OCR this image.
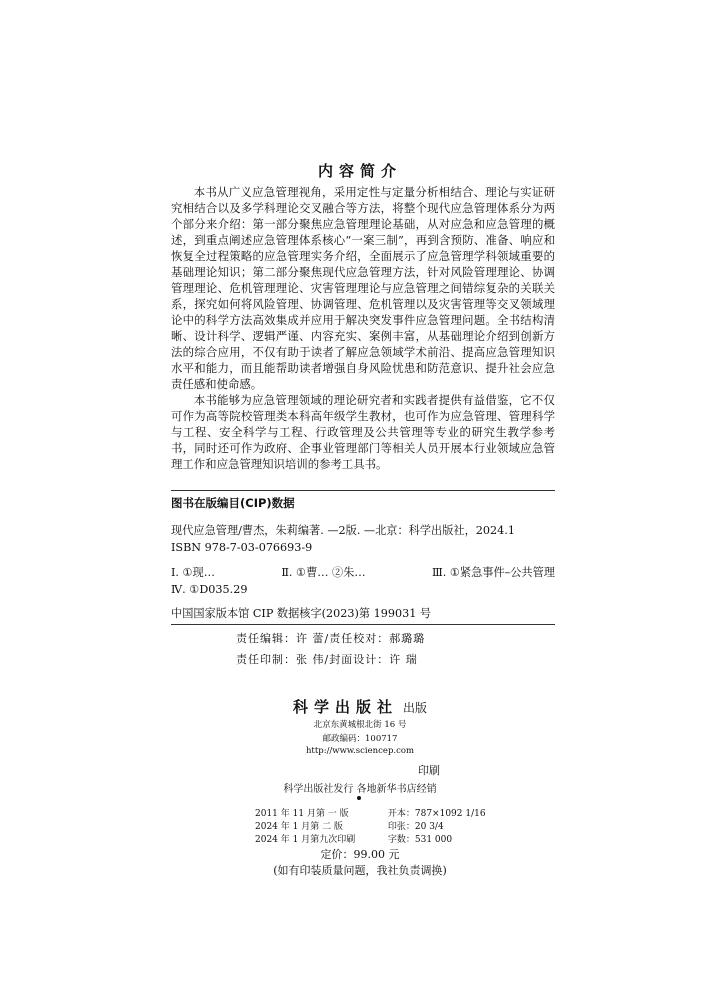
内容简介

本书从广义应急管理视角，采用定性与定量分析相结合、理论与实证研究相结合以及多学科理论交叉融合等方法，将整个现代应急管理体系分为两个部分来介绍：第一部分聚焦应急管理理论基础，从对应急和应急管理的概述，到重点阐述应急管理体系核心“一案三制”，再到含预防、准备、响应和恢复全过程策略的应急管理实务介绍，全面展示了应急管理学科领域重要的基础理论知识；第二部分聚焦现代应急管理方法，针对风险管理理论、协调管理理论、危机管理理论、灾害管理理论与应急管理之间错综复杂的关联关系，探究如何将风险管理、协调管理、危机管理以及灾害管理等交叉领域理论中的科学方法高效集成并应用于解决突发事件应急管理问题。全书结构清晰、设计科学、逻辑严谨、内容充实、案例丰富，从基础理论介绍到创新方法的综合应用，不仅有助于读者了解应急领域学术前沿、提高应急管理知识水平和能力，而且能帮助读者增强自身风险忧患和防范意识、提升社会应急责任感和使命感。

本书能够为应急管理领域的理论研究者和实践者提供有益借鉴，它不仅可作为高等院校管理类本科高年级学生教材，也可作为应急管理、管理科学与工程、安全科学与工程、行政管理及公共管理等专业的研究生教学参考书，同时还可作为政府、企事业管理部门等相关人员开展本行业领域应急管理工作和应急管理知识培训的参考工具书。

图书在版编目(CIP)数据
现代应急管理/曹杰，朱莉编著. —2版. —北京：科学出版社，2024.1
ISBN 978-7-03-076693-9
Ⅰ. ①现…	Ⅱ. ①曹… ②朱…	Ⅲ. ①紧急事件–公共管理
Ⅳ. ①D035.29
中国国家版本馆 CIP 数据核字(2023)第 199031 号
责任编辑：许 蕾/责任校对：郝璐璐
责任印制：张 伟/封面设计：许 瑞
科学出版社 出版
北京东黄城根北街 16 号
邮政编码：100717
http://www.sciencep.com
印刷
科学出版社发行 各地新华书店经销
2011 年 11 月第 一 版	开本：787×1092 1/16
2024 年 1 月第 二 版	印张：20 3/4
2024 年 1 月第九次印刷	字数：531 000
定价：99.00 元
(如有印装质量问题，我社负责调换)
